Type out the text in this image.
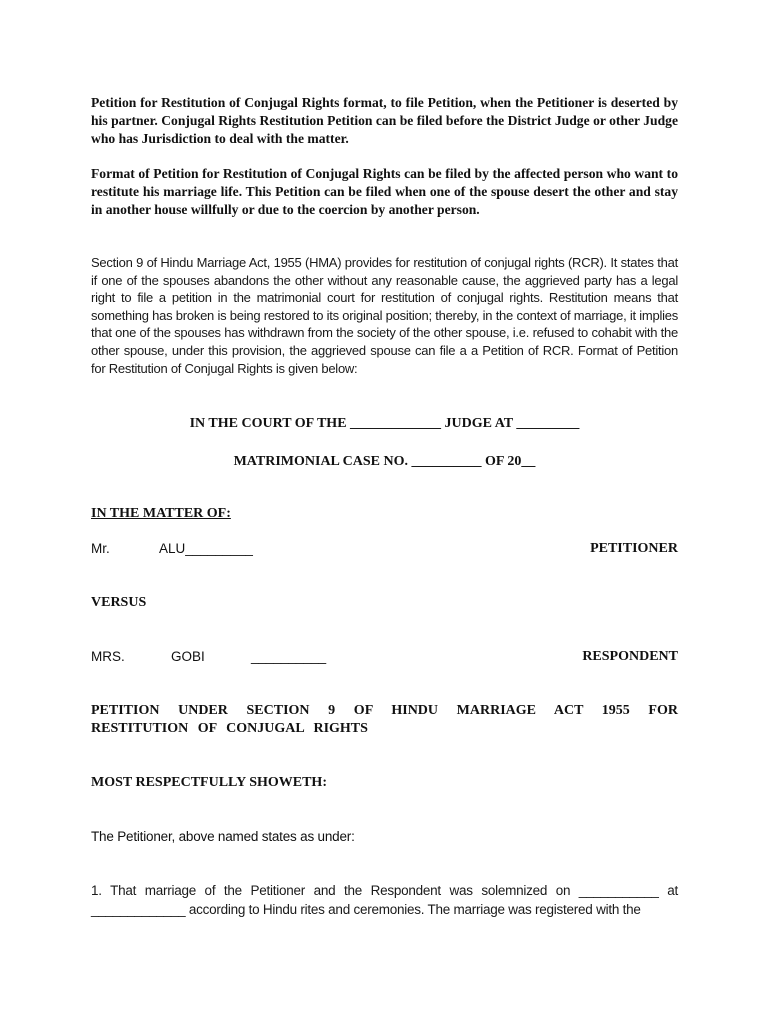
Petition for Restitution of Conjugal Rights format, to file Petition, when the Petitioner is deserted by his partner. Conjugal Rights Restitution Petition can be filed before the District Judge or other Judge who has Jurisdiction to deal with the matter.
Format of Petition for Restitution of Conjugal Rights can be filed by the affected person who want to restitute his marriage life. This Petition can be filed when one of the spouse desert the other and stay in another house willfully or due to the coercion by another person.
Section 9 of Hindu Marriage Act, 1955 (HMA) provides for restitution of conjugal rights (RCR). It states that if one of the spouses abandons the other without any reasonable cause, the aggrieved party has a legal right to file a petition in the matrimonial court for restitution of conjugal rights. Restitution means that something has broken is being restored to its original position; thereby, in the context of marriage, it implies that one of the spouses has withdrawn from the society of the other spouse, i.e. refused to cohabit with the other spouse, under this provision, the aggrieved spouse can file a a Petition of RCR. Format of Petition for Restitution of Conjugal Rights is given below:
IN THE COURT OF THE _____________ JUDGE AT _________
MATRIMONIAL CASE NO. __________ OF 20__
IN THE MATTER OF:
Mr.	ALU_________	PETITIONER
VERSUS
MRS.	GOBI	__________	RESPONDENT
PETITION UNDER SECTION 9 OF HINDU MARRIAGE ACT 1955 FOR RESTITUTION OF CONJUGAL RIGHTS
MOST RESPECTFULLY SHOWETH:
The Petitioner, above named states as under:
1. That marriage of the Petitioner and the Respondent was solemnized on ___________ at _____________ according to Hindu rites and ceremonies. The marriage was registered with the
